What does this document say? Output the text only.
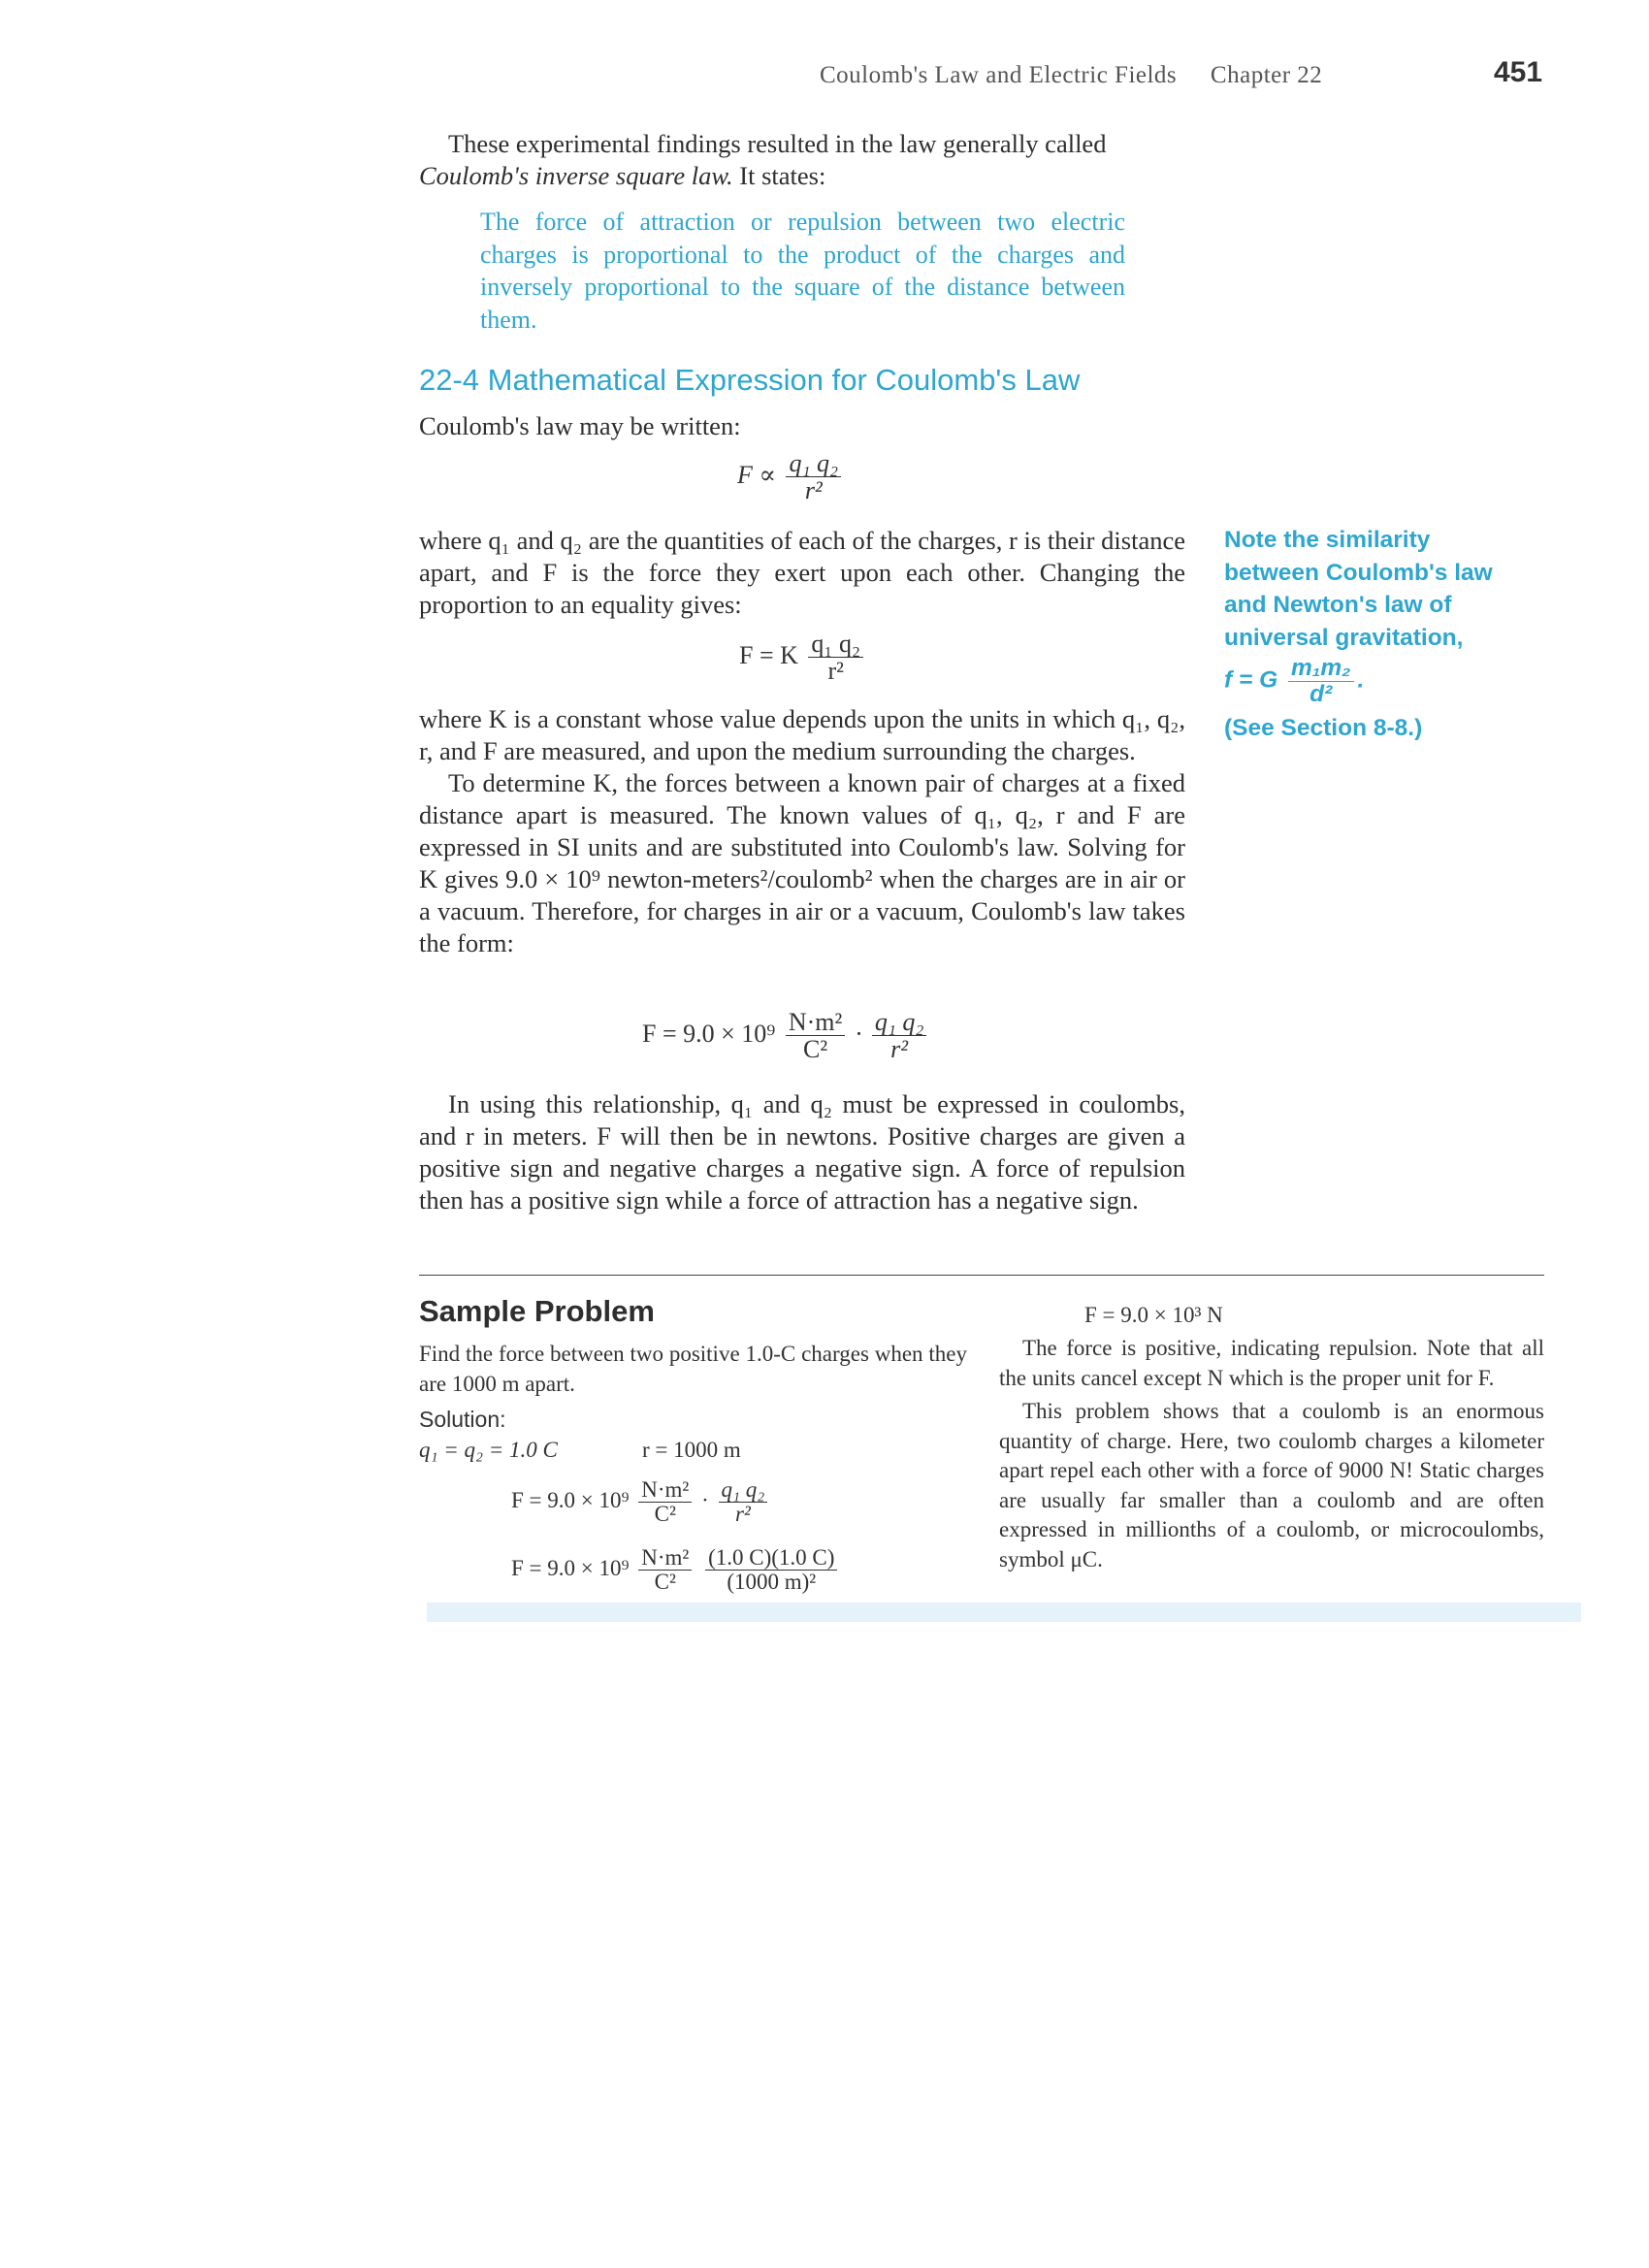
Coulomb's Law and Electric Fields Chapter 22	451

These experimental findings resulted in the law generally called
Coulomb's inverse square law. It states:

The force of attraction or repulsion between two electric charges is proportional to the product of the charges and inversely proportional to the square of the distance between them.
22-4 Mathematical Expression for Coulomb's Law
Coulomb's law may be written:
$F \propto \frac{\text{q₁ q₂}}{\text{r²}}$
where q₁ and q₂ are the quantities of each of the charges, r is their distance apart, and F is the force they exert upon each other. Changing the proportion to an equality gives:
F = K $\frac{\text{q₁ q₂}}{\text{r²}}$

where K is a constant whose value depends upon the units in which q₁, q₂, r, and F are measured, and upon the medium surrounding the charges.

To determine K, the forces between a known pair of charges at a fixed distance apart is measured. The known values of q₁, q₂, r and F are expressed in SI units and are substituted into Coulomb's law. Solving for K gives 9.0 × 10⁹ newton-meters²/coulomb² when the charges are in air or a vacuum. Therefore, for charges in air or a vacuum, Coulomb's law takes the form:

$F = 9.0 \times 10^9 \frac{\text{N·m²}}{\text{C²}} \cdot \frac{\text{q₁ q₂}}{\text{r²}}$

In using this relationship, q₁ and q₂ must be expressed in coulombs, and r in meters. F will then be in newtons. Positive charges are given a positive sign and negative charges a negative sign. A force of repulsion then has a positive sign while a force of attraction has a negative sign.

Note the similarity between Coulomb's law and Newton's law of universal gravitation,
f = G $\frac{\text{m₁m₂}}{\text{d²}}$ .
(See Section 8-8.)
Sample Problem
Find the force between two positive 1.0-C charges when they are 1000 m apart.
Solution:
q₁ = q₂ = 1.0 C	r = 1000 m
$F = 9.0 \times 10^9 \frac{\text{N·m²}}{\text{C²}} \cdot \frac{\text{q₁ q₂}}{\text{r²}}$
$F = 9.0 \times 10^9 \frac{\text{N·m²}}{\text{C²}}$
$\frac{(1.0 C)(1.0 C)}{\text{(1000 m)²}}$
F = 9.0 × 10³ N

The force is positive, indicating repulsion. Note that all the units cancel except N which is the proper unit for F.

This problem shows that a coulomb is an enormous quantity of charge. Here, two coulomb charges a kilometer apart repel each other with a force of 9000 N! Static charges are usually far smaller than a coulomb and are often expressed in millionths of a coulomb, or microcoulombs, symbol μC.
